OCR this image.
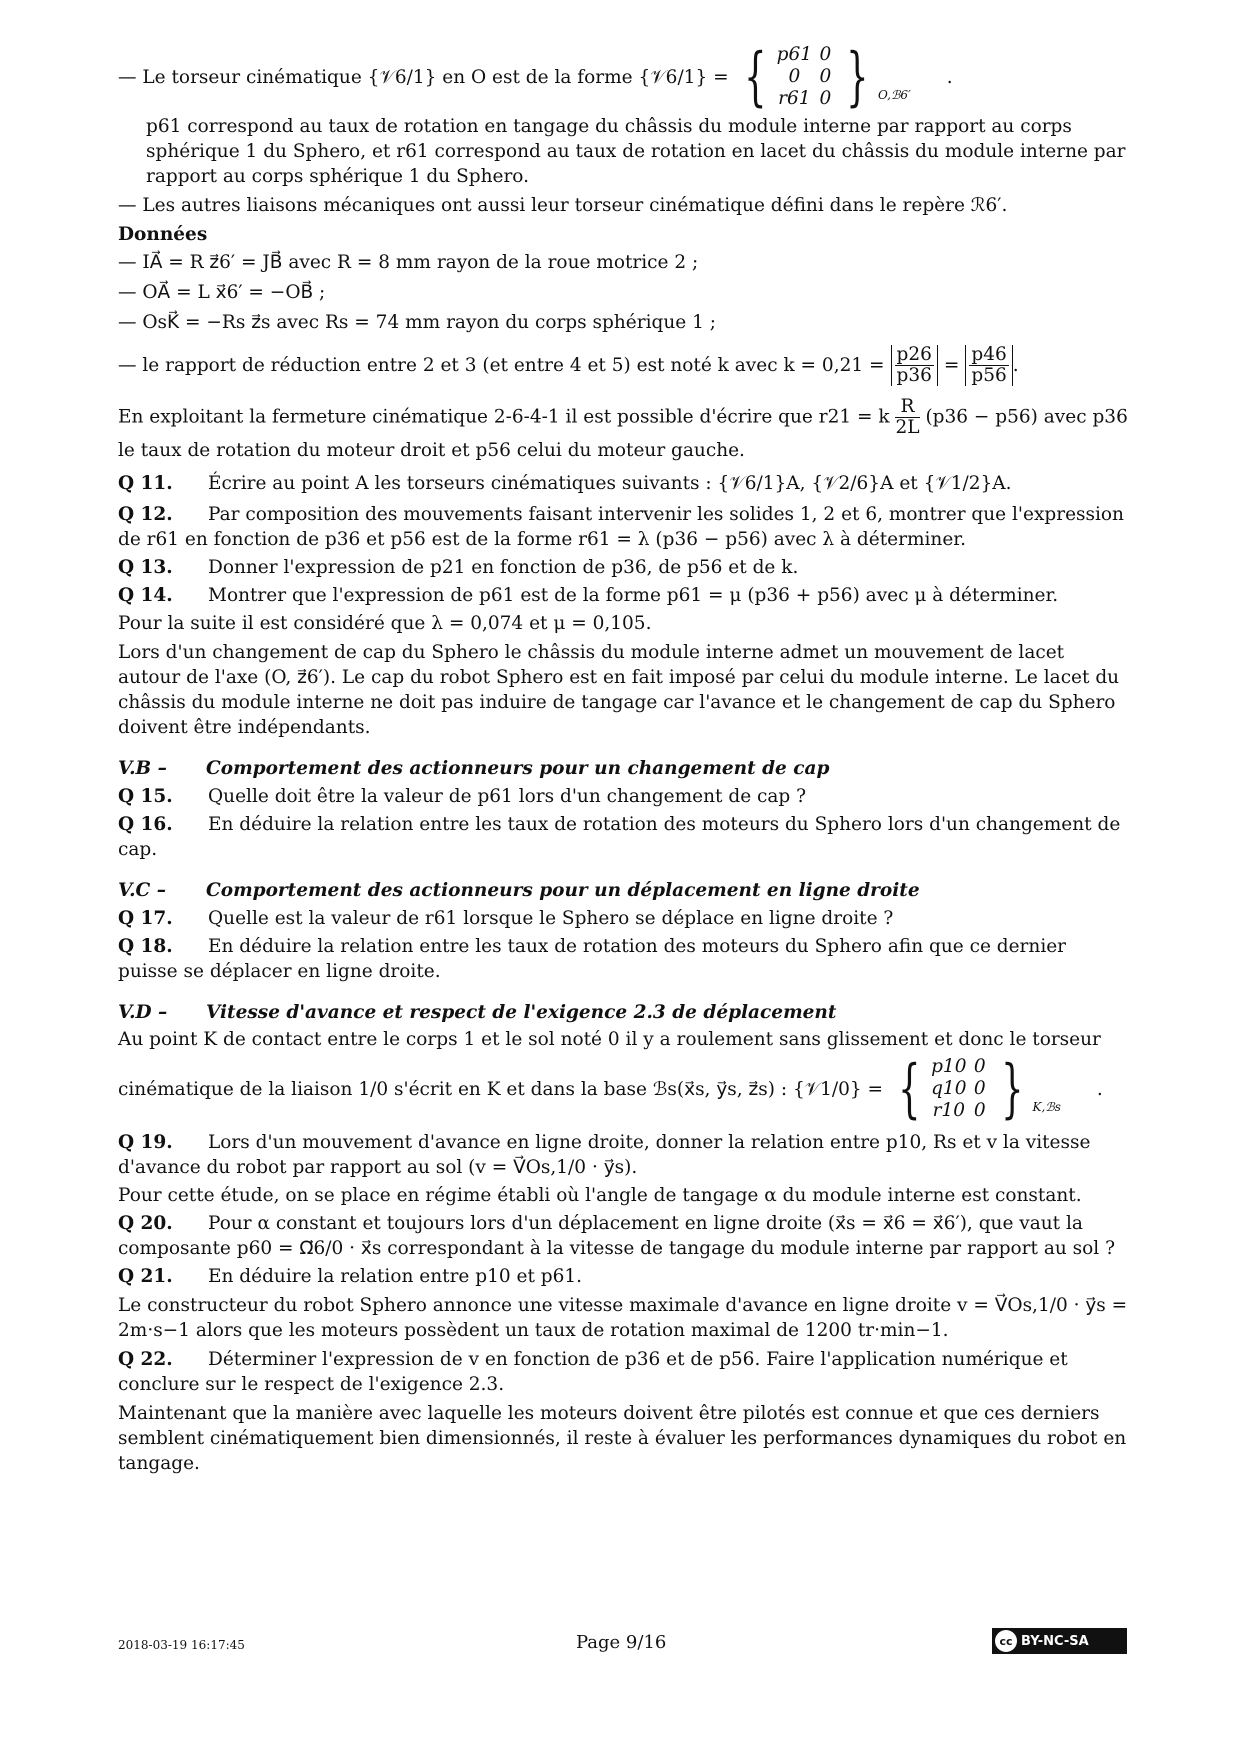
— Le torseur cinématique {𝒱6/1} en O est de la forme {𝒱6/1} = { p61 0
0	0
r61 0 } O,ℬ6′
.

p61 correspond au taux de rotation en tangage du châssis du module interne par rapport au corps sphérique 1 du Sphero, et r61 correspond au taux de rotation en lacet du châssis du module interne par rapport au corps sphérique 1 du Sphero.

— Les autres liaisons mécaniques ont aussi leur torseur cinématique défini dans le repère ℛ6′.

Données

— IA⃗ = R z⃗6′ = JB⃗ avec R = 8 mm rayon de la roue motrice 2 ;

— OA⃗ = L x⃗6′ = −OB⃗ ;

— OsK⃗ = −Rs z⃗s avec Rs = 74 mm rayon du corps sphérique 1 ;

— le rapport de réduction entre 2 et 3 (et entre 4 et 5) est noté k avec $k = 0,21 = \frac{p26}{p36} = \frac{p46}{p56}$ .

En exploitant la fermeture cinématique 2-6-4-1 il est possible d'écrire que r21 = k $\frac{R}{2L} (p36 - p56)$ avec p36 le taux de rotation du moteur droit et p56 celui du moteur gauche.

Q 11. Écrire au point A les torseurs cinématiques suivants : {𝒱6/1}A, {𝒱2/6}A et {𝒱1/2}A.

Q 12. Par composition des mouvements faisant intervenir les solides 1, 2 et 6, montrer que l'expression de r61 en fonction de p36 et p56 est de la forme r61 = λ (p36 − p56) avec λ à déterminer.

Q 13. Donner l'expression de p21 en fonction de p36, de p56 et de k.

Q 14. Montrer que l'expression de p61 est de la forme p61 = μ (p36 + p56) avec μ à déterminer.

Pour la suite il est considéré que λ = 0,074 et μ = 0,105.

Lors d'un changement de cap du Sphero le châssis du module interne admet un mouvement de lacet autour de l'axe (O, z⃗6′). Le cap du robot Sphero est en fait imposé par celui du module interne. Le lacet du châssis du module interne ne doit pas induire de tangage car l'avance et le changement de cap du Sphero doivent être indépendants.

V.B – Comportement des actionneurs pour un changement de cap

Q 15. Quelle doit être la valeur de p61 lors d'un changement de cap ?

Q 16. En déduire la relation entre les taux de rotation des moteurs du Sphero lors d'un changement de cap.

V.C – Comportement des actionneurs pour un déplacement en ligne droite

Q 17. Quelle est la valeur de r61 lorsque le Sphero se déplace en ligne droite ?

Q 18. En déduire la relation entre les taux de rotation des moteurs du Sphero afin que ce dernier puisse se déplacer en ligne droite.

V.D – Vitesse d'avance et respect de l'exigence 2.3 de déplacement

Au point K de contact entre le corps 1 et le sol noté 0 il y a roulement sans glissement et donc le torseur

cinématique de la liaison 1/0 s'écrit en K et dans la base ℬs(x⃗s, y⃗s, z⃗s) : {𝒱1/0} = { p10 0
q10 0
r10 0 } K,ℬs
.

Q 19. Lors d'un mouvement d'avance en ligne droite, donner la relation entre p10, Rs et v la vitesse d'avance du robot par rapport au sol (v = V⃗Os,1/0 · y⃗s).

Pour cette étude, on se place en régime établi où l'angle de tangage α du module interne est constant.

Q 20. Pour α constant et toujours lors d'un déplacement en ligne droite (x⃗s = x⃗6 = x⃗6′), que vaut la composante p60 = Ω⃗6/0 · x⃗s correspondant à la vitesse de tangage du module interne par rapport au sol ?

Q 21. En déduire la relation entre p10 et p61.

Le constructeur du robot Sphero annonce une vitesse maximale d'avance en ligne droite v = V⃗Os,1/0 · y⃗s = 2m·s−1 alors que les moteurs possèdent un taux de rotation maximal de 1200 tr·min−1.

Q 22. Déterminer l'expression de v en fonction de p36 et de p56. Faire l'application numérique et conclure sur le respect de l'exigence 2.3.

Maintenant que la manière avec laquelle les moteurs doivent être pilotés est connue et que ces derniers semblent cinématiquement bien dimensionnés, il reste à évaluer les performances dynamiques du robot en tangage.

2018-03-19 16:17:45	Page 9/16	cc BY-NC-SA
